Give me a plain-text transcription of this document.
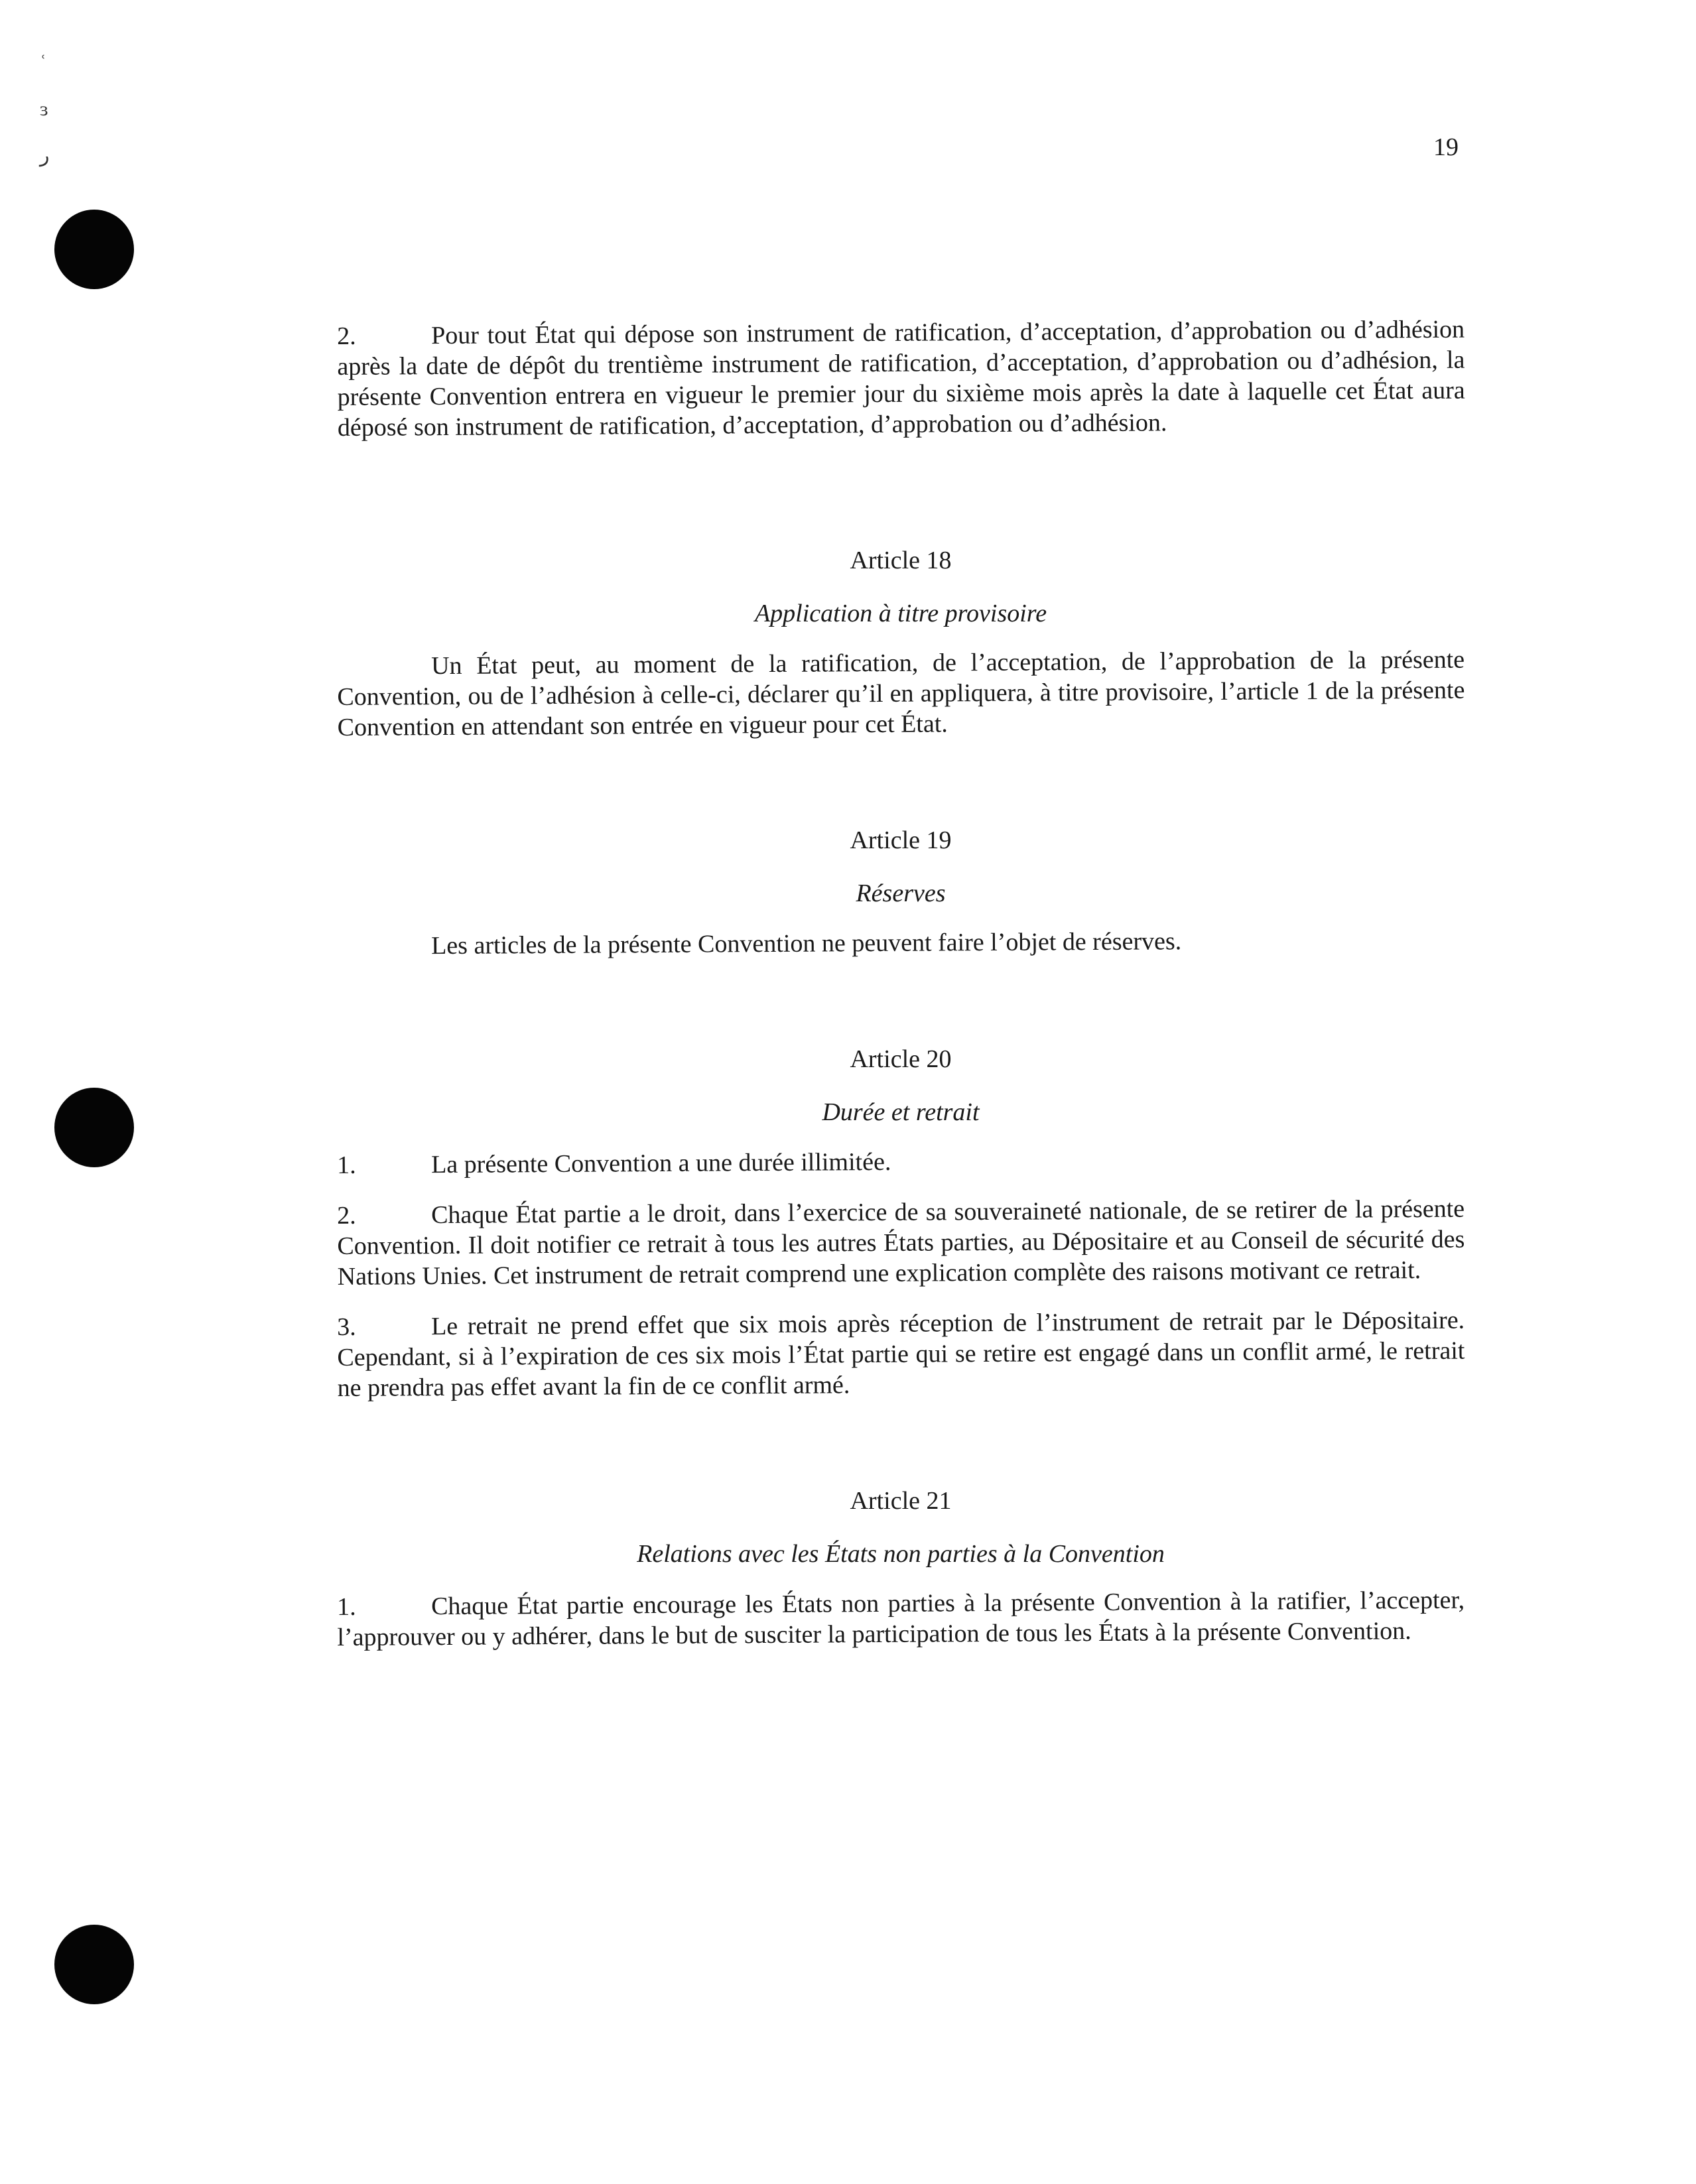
ʿ
ɜ
ر	19

2.	Pour tout État qui dépose son instrument de ratification, d’acceptation, d’approbation ou d’adhésion après la date de dépôt du trentième instrument de ratification, d’acceptation, d’approbation ou d’adhésion, la présente Convention entrera en vigueur le premier jour du sixième mois après la date à laquelle cet État aura déposé son instrument de ratification, d’acceptation, d’approbation ou d’adhésion.

Article 18

Application à titre provisoire

Un État peut, au moment de la ratification, de l’acceptation, de l’approbation de la présente Convention, ou de l’adhésion à celle-ci, déclarer qu’il en appliquera, à titre provisoire, l’article 1 de la présente Convention en attendant son entrée en vigueur pour cet État.

Article 19

Réserves

Les articles de la présente Convention ne peuvent faire l’objet de réserves.

Article 20

Durée et retrait

1.	La présente Convention a une durée illimitée.

2.	Chaque État partie a le droit, dans l’exercice de sa souveraineté nationale, de se retirer de la présente Convention. Il doit notifier ce retrait à tous les autres États parties, au Dépositaire et au Conseil de sécurité des Nations Unies. Cet instrument de retrait comprend une explication complète des raisons motivant ce retrait.

3.	Le retrait ne prend effet que six mois après réception de l’instrument de retrait par le Dépositaire. Cependant, si à l’expiration de ces six mois l’État partie qui se retire est engagé dans un conflit armé, le retrait ne prendra pas effet avant la fin de ce conflit armé.

Article 21

Relations avec les États non parties à la Convention

1.	Chaque État partie encourage les États non parties à la présente Convention à la ratifier, l’accepter, l’approuver ou y adhérer, dans le but de susciter la participation de tous les États à la présente Convention.
